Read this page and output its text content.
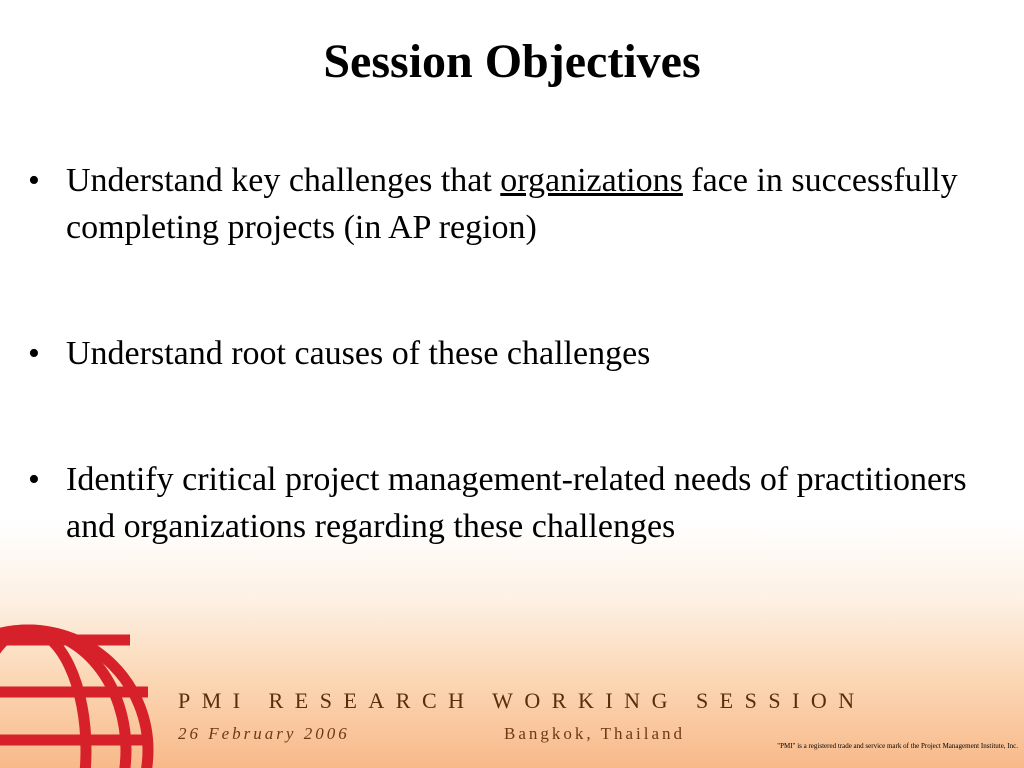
Session Objectives
• Understand key challenges that organizations face in successfully completing projects (in AP region)
• Understand root causes of these challenges
• Identify critical project management-related needs of practitioners and organizations regarding these challenges
PMI RESEARCH WORKING SESSION
26 February 2006	Bangkok, Thailand
"PMI" is a registered trade and service mark of the Project Management Institute, Inc.
